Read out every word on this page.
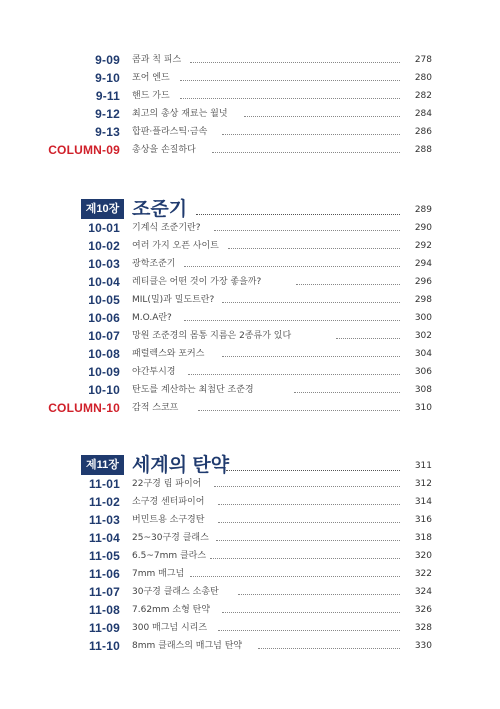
9-09 콤과 칙 피스	278
9-10 포어 엔드	280
9-11 핸드 가드	282
9-12 최고의 총상 재료는 월넛	284
9-13 합판·플라스틱·금속	286
COLUMN-09 총상을 손질하다	288
제10장 조준기	289
10-01 기계식 조준기란?	290
10-02 여러 가지 오픈 사이트	292
10-03 광학조준기	294
10-04 레티클은 어떤 것이 가장 좋을까?	296
10-05 MIL(밀)과 밀도트란?	298
10-06 M.O.A란?	300
10-07 망원 조준경의 몸통 지름은 2종류가 있다	302
10-08 패럴렉스와 포커스	304
10-09 야간투시경	306
10-10 탄도를 계산하는 최첨단 조준경	308
COLUMN-10 감적 스코프	310
제11장 세계의 탄약	311
11-01 22구경 림 파이어	312
11-02 소구경 센터파이어	314
11-03 버민트용 소구경탄	316
11-04 25~30구경 클래스	318
11-05 6.5~7mm 클라스	320
11-06 7mm 매그넘	322
11-07 30구경 클래스 소총탄	324
11-08 7.62mm 소형 탄약	326
11-09 300 매그넘 시리즈	328
11-10 8mm 클래스의 매그넘 탄약	330
